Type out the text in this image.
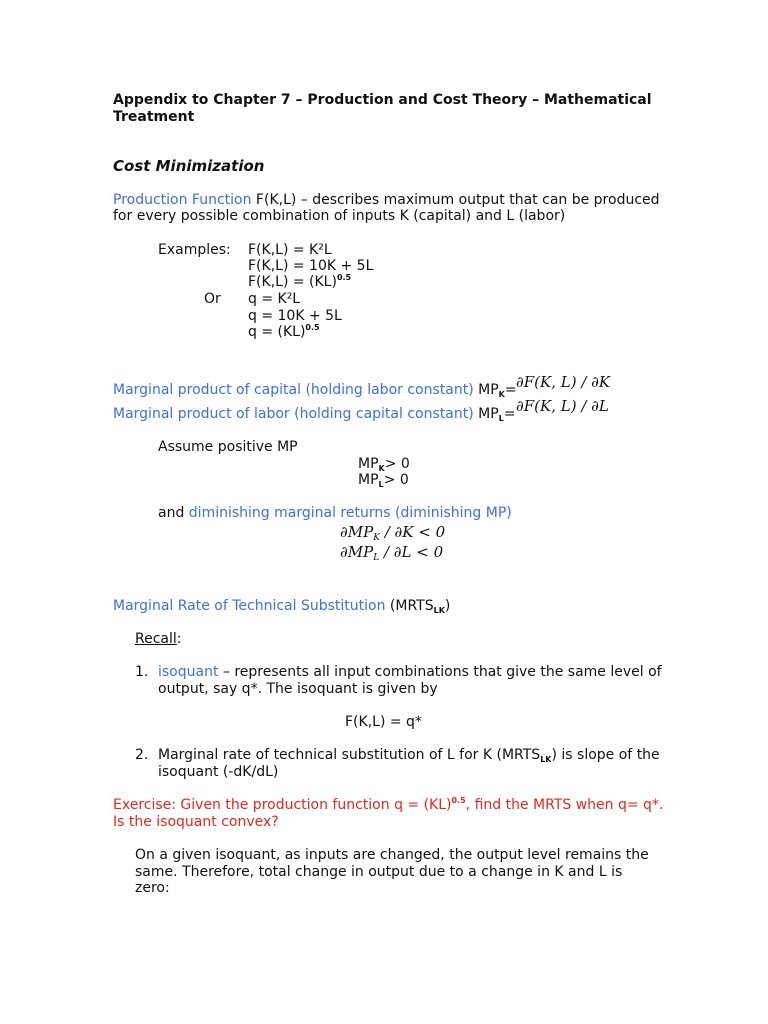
Appendix to Chapter 7 – Production and Cost Theory – Mathematical
Treatment
Cost Minimization
Production Function F(K,L) – describes maximum output that can be produced
for every possible combination of inputs K (capital) and L (labor)
Examples: F(K,L) = K²L
F(K,L) = 10K + 5L
F(K,L) = (KL)$^{0.5}$
Or q = K²L
q = 10K + 5L
q = (KL)$^{0.5}$
Marginal product of capital (holding labor constant) $MP_K= \partial F(K$, L) / ∂K
Marginal product of labor (holding capital constant) $MP_L= \partial F(K$, L) / ∂L
Assume positive MP
$MP_K> 0$
$MP_L> 0$
and diminishing marginal returns (diminishing MP)
$\partial MP_K / \partial K < 0$
$\partial MP_L / \partial L < 0$
Marginal Rate of Technical Substitution $(MRTS_{LK})$
Recall:
1. isoquant – represents all input combinations that give the same level of
output, say q*. The isoquant is given by
F(K,L) = q*
2. Marginal rate of technical substitution of L for K $(MRTS_{LK})$ is slope of the
isoquant (-dK/dL)
Exercise: Given the production function q = (KL)$^{0.5}$, find the MRTS when q= q*.
Is the isoquant convex?
On a given isoquant, as inputs are changed, the output level remains the
same. Therefore, total change in output due to a change in K and L is
zero:
